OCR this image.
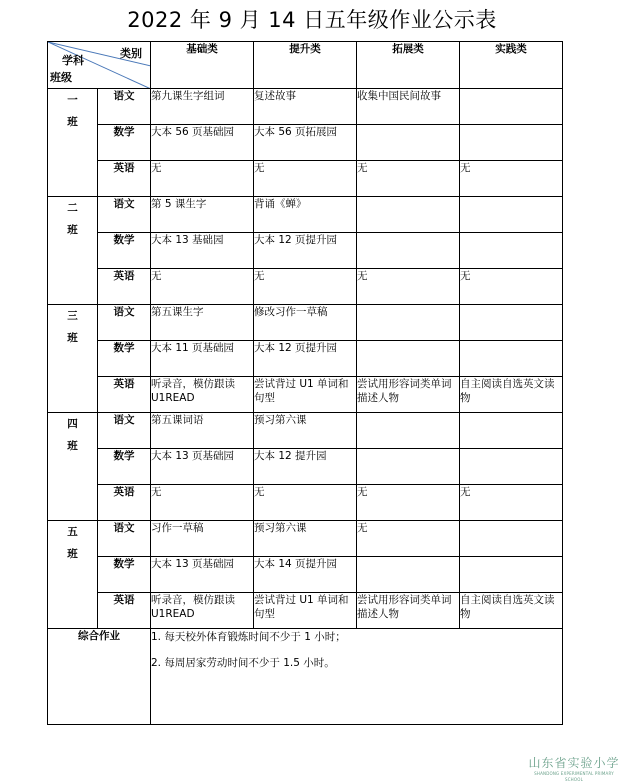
2022 年 9 月 14 日五年级作业公示表
类别
学科
班级		基础类	提升类	拓展类	实践类

一
班	语文	第九课生字组词	复述故事	收集中国民间故事	
	数学	大本 56 页基础园	大本 56 页拓展园		
	英语	无	无	无	无

二
班	语文	第 5 课生字	背诵《蝉》		
	数学	大本 13 基础园	大本 12 页提升园		
	英语	无	无	无	无

三
班	语文	第五课生字	修改习作一草稿		
	数学	大本 11 页基础园	大本 12 页提升园		
	英语	听录音，模仿跟读 U1READ	尝试背过 U1 单词和句型	尝试用形容词类单词描述人物	自主阅读自选英文读物

四
班	语文	第五课词语	预习第六课		
	数学	大本 13 页基础园	大本 12 提升园		
	英语	无	无	无	无

五
班	语文	习作一草稿	预习第六课	无	
	数学	大本 13 页基础园	大本 14 页提升园		
	英语	听录音，模仿跟读 U1READ	尝试背过 U1 单词和句型	尝试用形容词类单词描述人物	自主阅读自选英文读物
综合作业		1. 每天校外体育锻炼时间不少于 1 小时；
2. 每周居家劳动时间不少于 1.5 小时。			
山东省实验小学
SHANDONG EXPERIMENTAL PRIMARY SCHOOL
